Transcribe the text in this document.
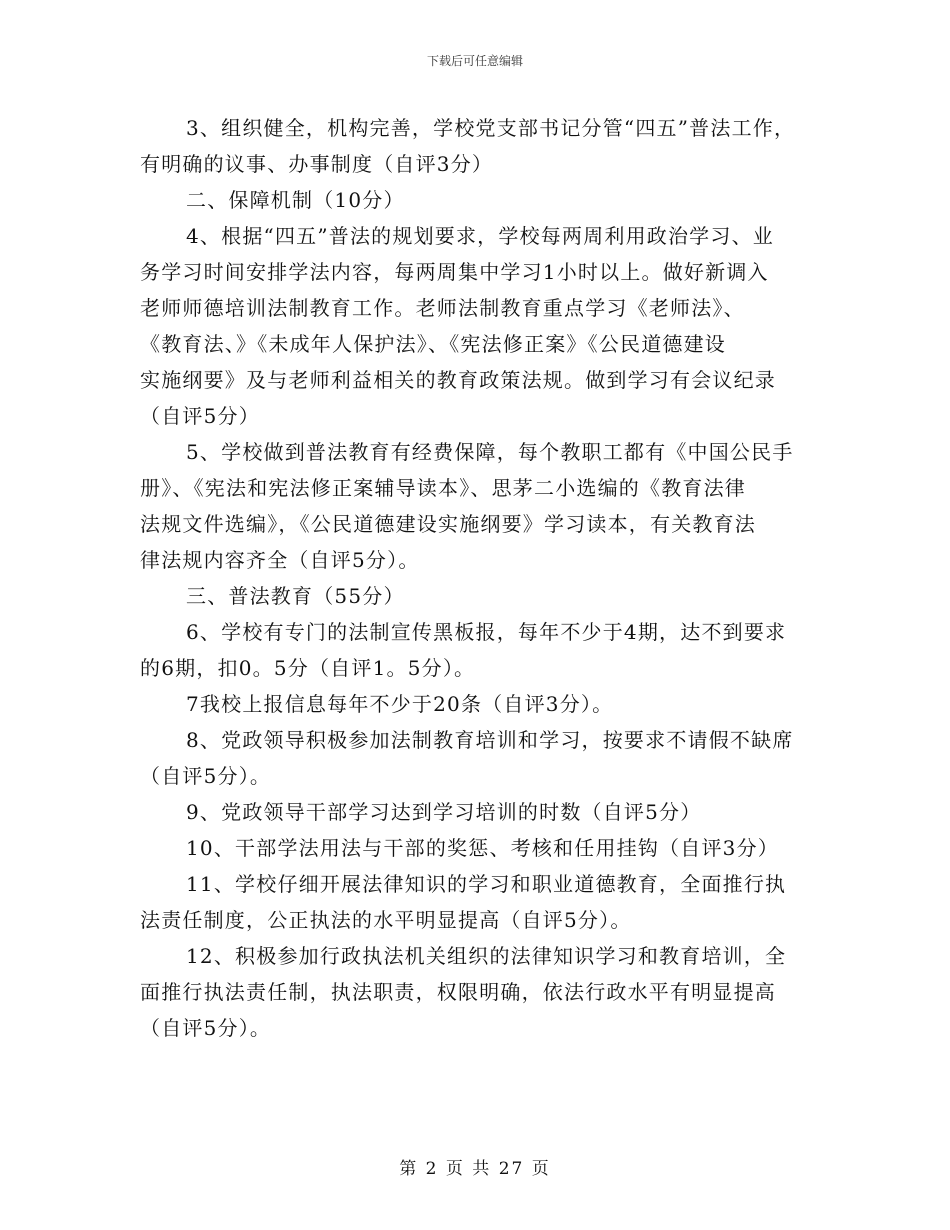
下载后可任意编辑
3、组织健全，机构完善，学校党支部书记分管“四五”普法工作，
有明确的议事、办事制度（自评3分）
二、保障机制（10分）
4、根据“四五”普法的规划要求，学校每两周利用政治学习、业
务学习时间安排学法内容，每两周集中学习1小时以上。做好新调入
老师师德培训法制教育工作。老师法制教育重点学习《老师法》、
《教育法、》《未成年人保护法》、《宪法修正案》《公民道德建设
实施纲要》及与老师利益相关的教育政策法规。做到学习有会议纪录
（自评5分）
5、学校做到普法教育有经费保障，每个教职工都有《中国公民手
册》、《宪法和宪法修正案辅导读本》、思茅二小选编的《教育法律
法规文件选编》，《公民道德建设实施纲要》学习读本，有关教育法
律法规内容齐全（自评5分）。
三、普法教育（55分）
6、学校有专门的法制宣传黑板报，每年不少于4期，达不到要求
的6期，扣0。5分（自评1。5分）。
7我校上报信息每年不少于20条（自评3分）。
8、党政领导积极参加法制教育培训和学习，按要求不请假不缺席
（自评5分）。
9、党政领导干部学习达到学习培训的时数（自评5分）
10、干部学法用法与干部的奖惩、考核和任用挂钩（自评3分）
11、学校仔细开展法律知识的学习和职业道德教育，全面推行执
法责任制度，公正执法的水平明显提高（自评5分）。
12、积极参加行政执法机关组织的法律知识学习和教育培训，全
面推行执法责任制，执法职责，权限明确，依法行政水平有明显提高
（自评5分）。
第 2 页 共 27 页
